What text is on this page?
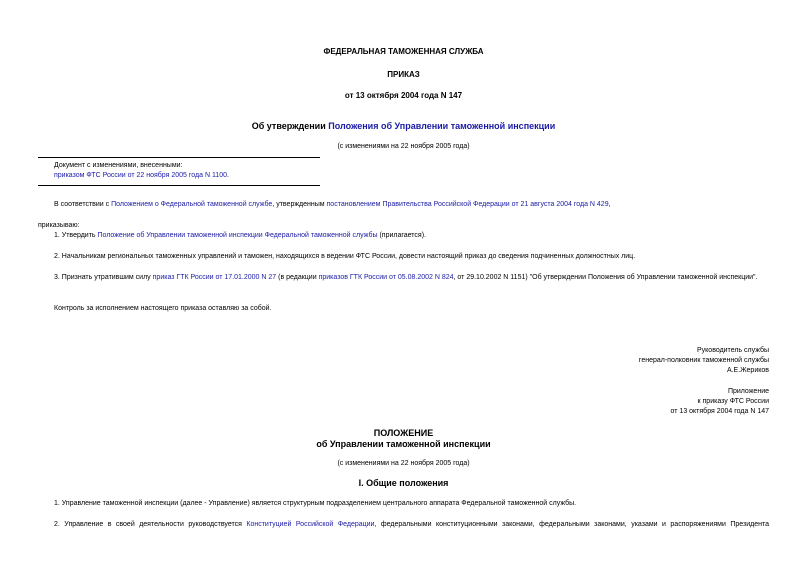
ФЕДЕРАЛЬНАЯ ТАМОЖЕННАЯ СЛУЖБА
ПРИКАЗ
от 13 октября 2004 года N 147
Об утверждении Положения об Управлении таможенной инспекции
(с изменениями на 22 ноября 2005 года)
Документ с изменениями, внесенными:
приказом ФТС России от 22 ноября 2005 года N 1100.
В соответствии с Положением о Федеральной таможенной службе, утвержденным постановлением Правительства Российской Федерации от 21 августа 2004 года N 429,
приказываю:
1. Утвердить Положение об Управлении таможенной инспекции Федеральной таможенной службы (прилагается).
2. Начальникам региональных таможенных управлений и таможен, находящихся в ведении ФТС России, довести настоящий приказ до сведения подчиненных должностных лиц.
3. Признать утратившим силу приказ ГТК России от 17.01.2000 N 27 (в редакции приказов ГТК России от 05.08.2002 N 824, от 29.10.2002 N 1151) "Об утверждении Положения об Управлении таможенной инспекции".
Контроль за исполнением настоящего приказа оставляю за собой.
Руководитель службы
генерал-полковник таможенной службы
А.Е.Жериков
Приложение
к приказу ФТС России
от 13 октября 2004 года N 147
ПОЛОЖЕНИЕ
об Управлении таможенной инспекции
(с изменениями на 22 ноября 2005 года)
I. Общие положения
1. Управление таможенной инспекции (далее - Управление) является структурным подразделением центрального аппарата Федеральной таможенной службы.
2. Управление в своей деятельности руководствуется Конституцией Российской Федерации, федеральными конституционными законами, федеральными законами, указами и распоряжениями Президента
